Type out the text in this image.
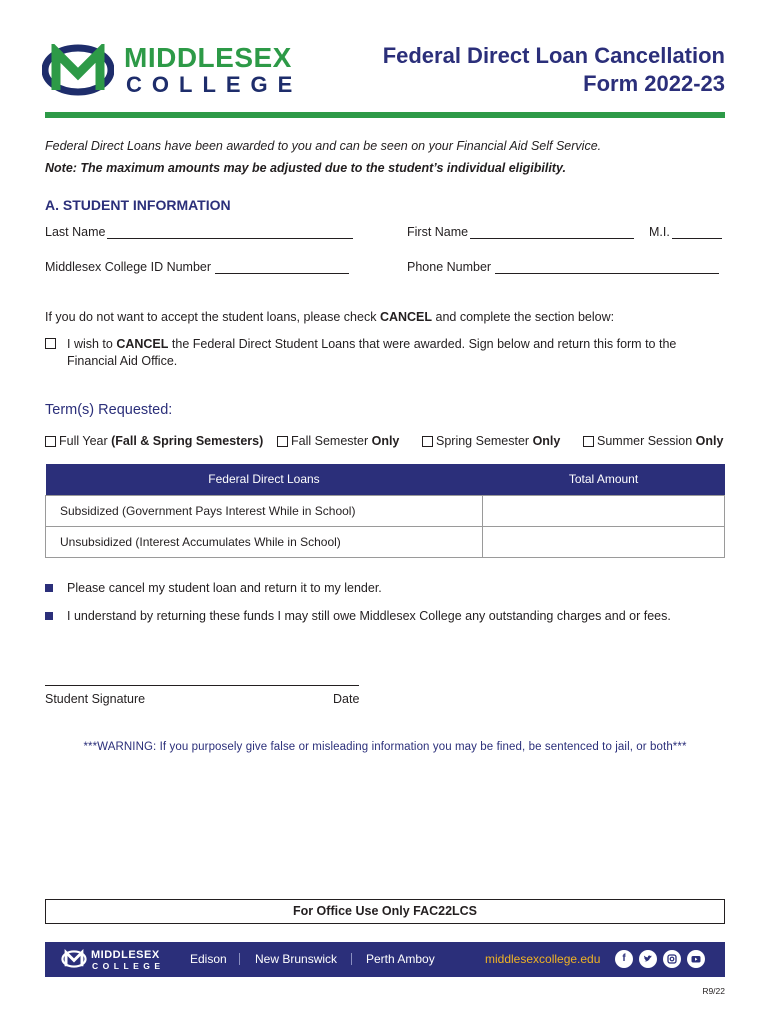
MIDDLESEX
COLLEGE
Federal Direct Loan Cancellation
Form 2022-23
Federal Direct Loans have been awarded to you and can be seen on your Financial Aid Self Service.
Note: The maximum amounts may be adjusted due to the student’s individual eligibility.
A. STUDENT INFORMATION
Last Name	First Name	M.I.
Middlesex College ID Number	Phone Number
If you do not want to accept the student loans, please check CANCEL and complete the section below:
I wish to CANCEL the Federal Direct Student Loans that were awarded. Sign below and return this form to the
Financial Aid Office.
Term(s) Requested:
Full Year (Fall & Spring Semesters) Fall Semester Only	Spring Semester Only	Summer Session Only
Federal Direct Loans	Total Amount
Subsidized (Government Pays Interest While in School)	
Unsubsidized (Interest Accumulates While in School)	
Please cancel my student loan and return it to my lender.
I understand by returning these funds I may still owe Middlesex College any outstanding charges and or fees.
Student Signature	Date
***WARNING: If you purposely give false or misleading information you may be fined, be sentenced to jail, or both***
For Office Use Only FAC22LCS
MIDDLESEX
COLLEGE Edison New Brunswick Perth Amboy	middlesexcollege.edu	f
R9/22
